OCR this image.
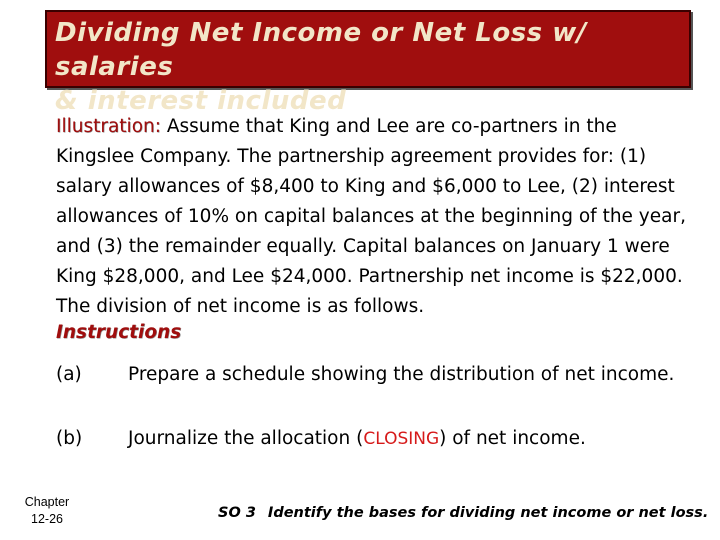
Dividing Net Income or Net Loss w/ salaries
& interest included
Illustration: Assume that King and Lee are co-partners in the Kingslee Company. The partnership agreement provides for: (1) salary allowances of $8,400 to King and $6,000 to Lee, (2) interest allowances of 10% on capital balances at the beginning of the year, and (3) the remainder equally. Capital balances on January 1 were King $28,000, and Lee $24,000. Partnership net income is $22,000. The division of net income is as follows.
Instructions
(a) Prepare a schedule showing the distribution of net income.
(b) Journalize the allocation (CLOSING) of net income.
Chapter
12-26	SO 3 Identify the bases for dividing net income or net loss.
